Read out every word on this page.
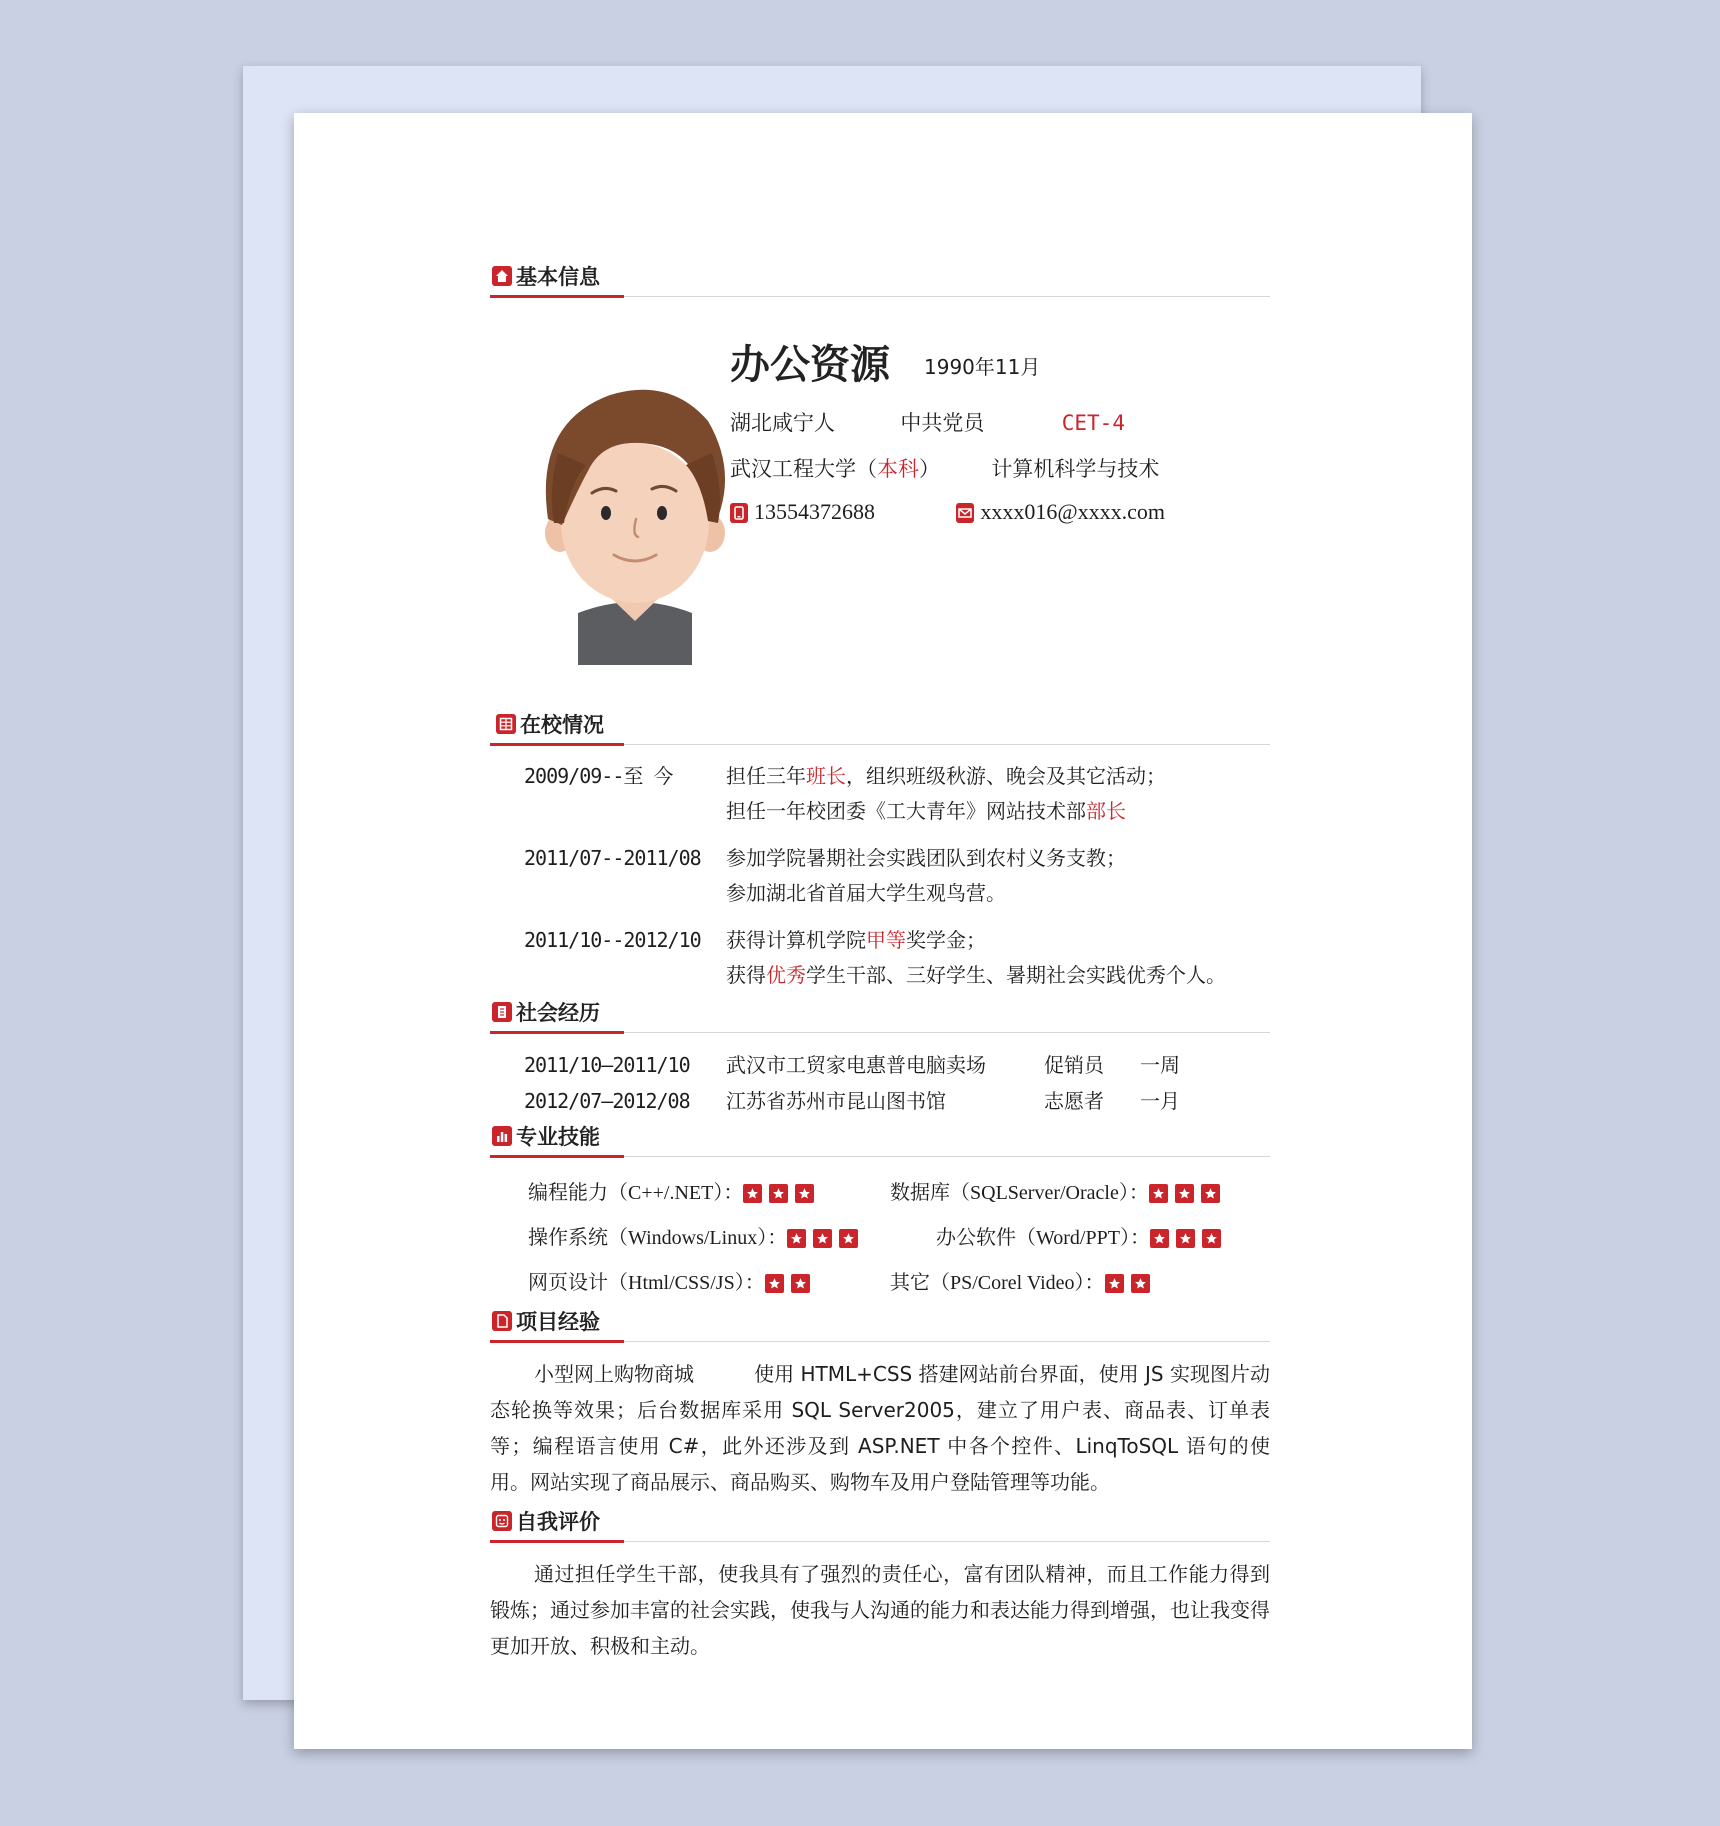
基本信息
办公资源 1990年11月
湖北咸宁人	中共党员	CET-4
武汉工程大学（本科） 计算机科学与技术
13554372688	xxxx016@xxxx.com
在校情况
2009/09--至 今	担任三年班长，组织班级秋游、晚会及其它活动；
担任一年校团委《工大青年》网站技术部部长
2011/07--2011/08	参加学院暑期社会实践团队到农村义务支教；
参加湖北省首届大学生观鸟营。
2011/10--2012/10	获得计算机学院甲等奖学金；
获得优秀学生干部、三好学生、暑期社会实践优秀个人。
社会经历
2011/10—2011/10	武汉市工贸家电惠普电脑卖场	促销员	一周
2012/07—2012/08	江苏省苏州市昆山图书馆	志愿者	一月
专业技能
编程能力（C++/.NET）：	数据库（SQLServer/Oracle）：
操作系统（Windows/Linux）：	办公软件（Word/PPT）：
网页设计（Html/CSS/JS）：	其它（PS/Corel Video）：
项目经验
小型网上购物商城　　　使用 HTML+CSS 搭建网站前台界面，使用 JS 实现图片动态轮换等效果；后台数据库采用 SQL Server2005，建立了用户表、商品表、订单表等；编程语言使用 C#，此外还涉及到 ASP.NET 中各个控件、LinqToSQL 语句的使用。网站实现了商品展示、商品购买、购物车及用户登陆管理等功能。
自我评价
通过担任学生干部，使我具有了强烈的责任心，富有团队精神，而且工作能力得到锻炼；通过参加丰富的社会实践，使我与人沟通的能力和表达能力得到增强，也让我变得更加开放、积极和主动。
